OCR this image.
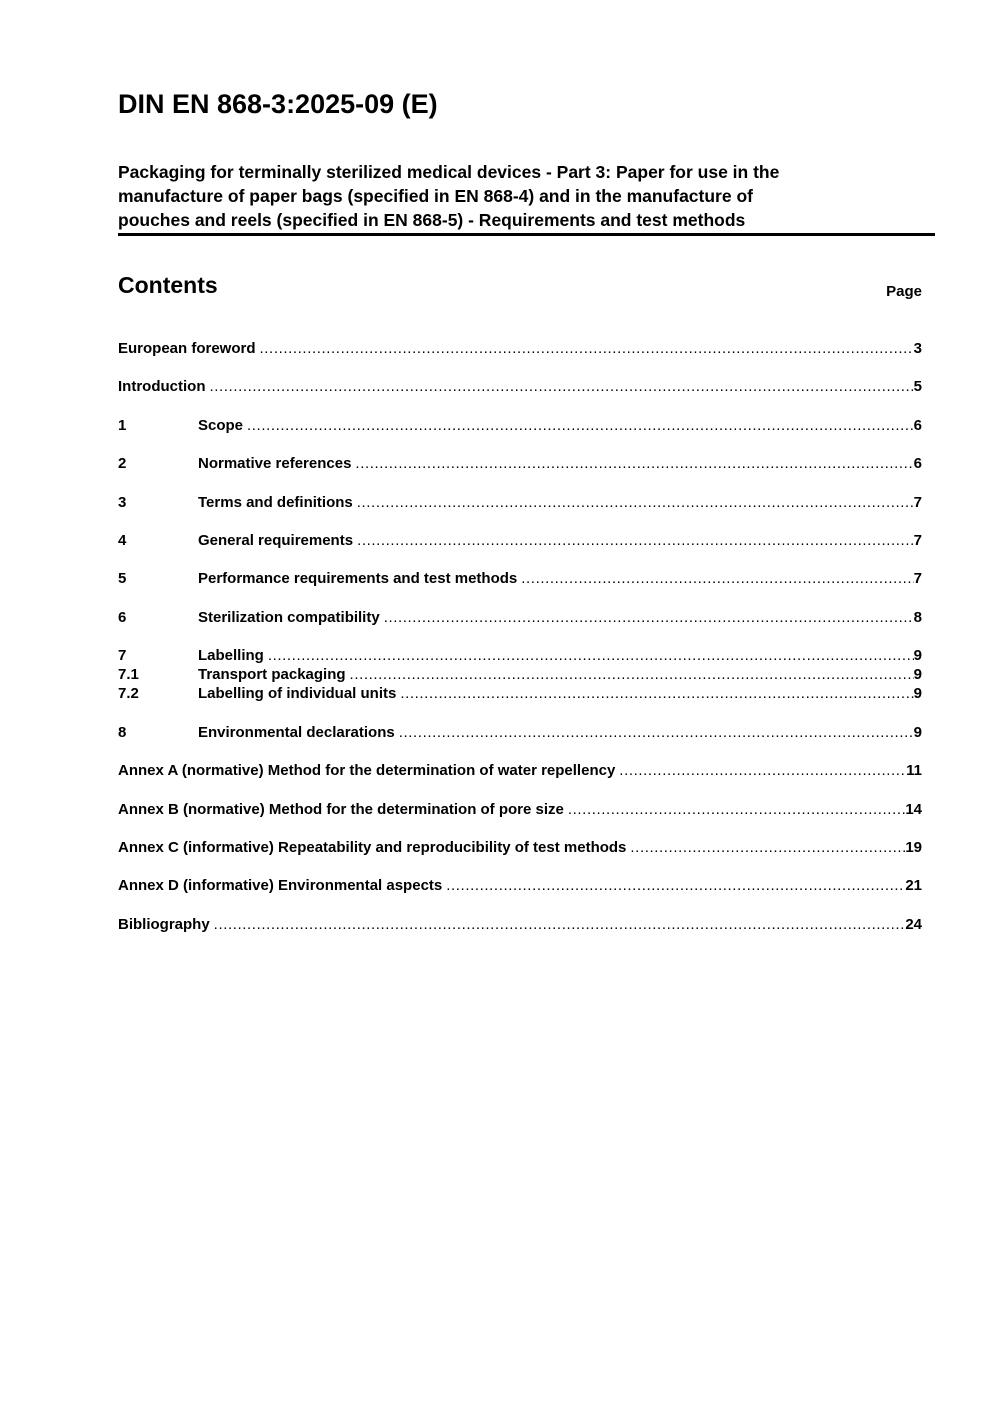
DIN EN 868-3:2025-09 (E)
Packaging for terminally sterilized medical devices - Part 3: Paper for use in the
manufacture of paper bags (specified in EN 868-4) and in the manufacture of
pouches and reels (specified in EN 868-5) - Requirements and test methods
Contents	Page
European foreword .....	3
Introduction .....	5
1	Scope .....	6
2	Normative references .....	6
3	Terms and definitions .....	7
4	General requirements .....	7
5	Performance requirements and test methods .....	7
6	Sterilization compatibility .....	8
7	Labelling .....	9
7.1	Transport packaging .....	9
7.2	Labelling of individual units .....	9
8	Environmental declarations .....	9
Annex A (normative) Method for the determination of water repellency .....	11
Annex B (normative) Method for the determination of pore size .....	14
Annex C (informative) Repeatability and reproducibility of test methods .....	19
Annex D (informative) Environmental aspects .....	21
Bibliography .....	24
